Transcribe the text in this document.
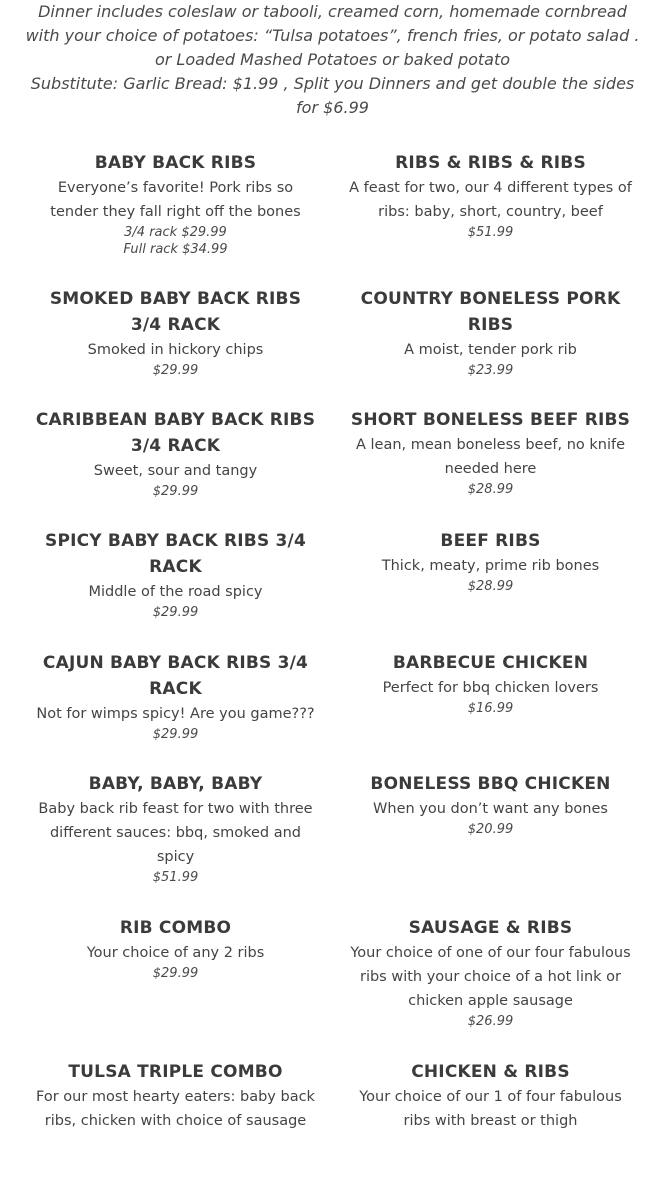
Dinner includes coleslaw or tabooli, creamed corn, homemade cornbread

with your choice of potatoes: “Tulsa potatoes”, french fries, or potato salad .

or Loaded Mashed Potatoes or baked potato

Substitute: Garlic Bread: $1.99 , Split you Dinners and get double the sides

for $6.99

BABY BACK RIBS

Everyone’s favorite! Pork ribs so tender they fall right off the bones

3/4 rack $29.99

Full rack $34.99

RIBS & RIBS & RIBS

A feast for two, our 4 different types of ribs: baby, short, country, beef

$51.99

SMOKED BABY BACK RIBS 3/4 RACK

Smoked in hickory chips

$29.99

COUNTRY BONELESS PORK RIBS

A moist, tender pork rib

$23.99

CARIBBEAN BABY BACK RIBS 3/4 RACK

Sweet, sour and tangy

$29.99

SHORT BONELESS BEEF RIBS

A lean, mean boneless beef, no knife needed here

$28.99

SPICY BABY BACK RIBS 3/4 RACK

Middle of the road spicy

$29.99

BEEF RIBS

Thick, meaty, prime rib bones

$28.99

CAJUN BABY BACK RIBS 3/4 RACK

Not for wimps spicy! Are you game???

$29.99

BARBECUE CHICKEN

Perfect for bbq chicken lovers

$16.99

BABY, BABY, BABY

Baby back rib feast for two with three different sauces: bbq, smoked and spicy

$51.99

BONELESS BBQ CHICKEN

When you don’t want any bones

$20.99

RIB COMBO

Your choice of any 2 ribs

$29.99

SAUSAGE & RIBS

Your choice of one of our four fabulous ribs with your choice of a hot link or chicken apple sausage

$26.99

TULSA TRIPLE COMBO

For our most hearty eaters: baby back ribs, chicken with choice of sausage

CHICKEN & RIBS

Your choice of our 1 of four fabulous ribs with breast or thigh
